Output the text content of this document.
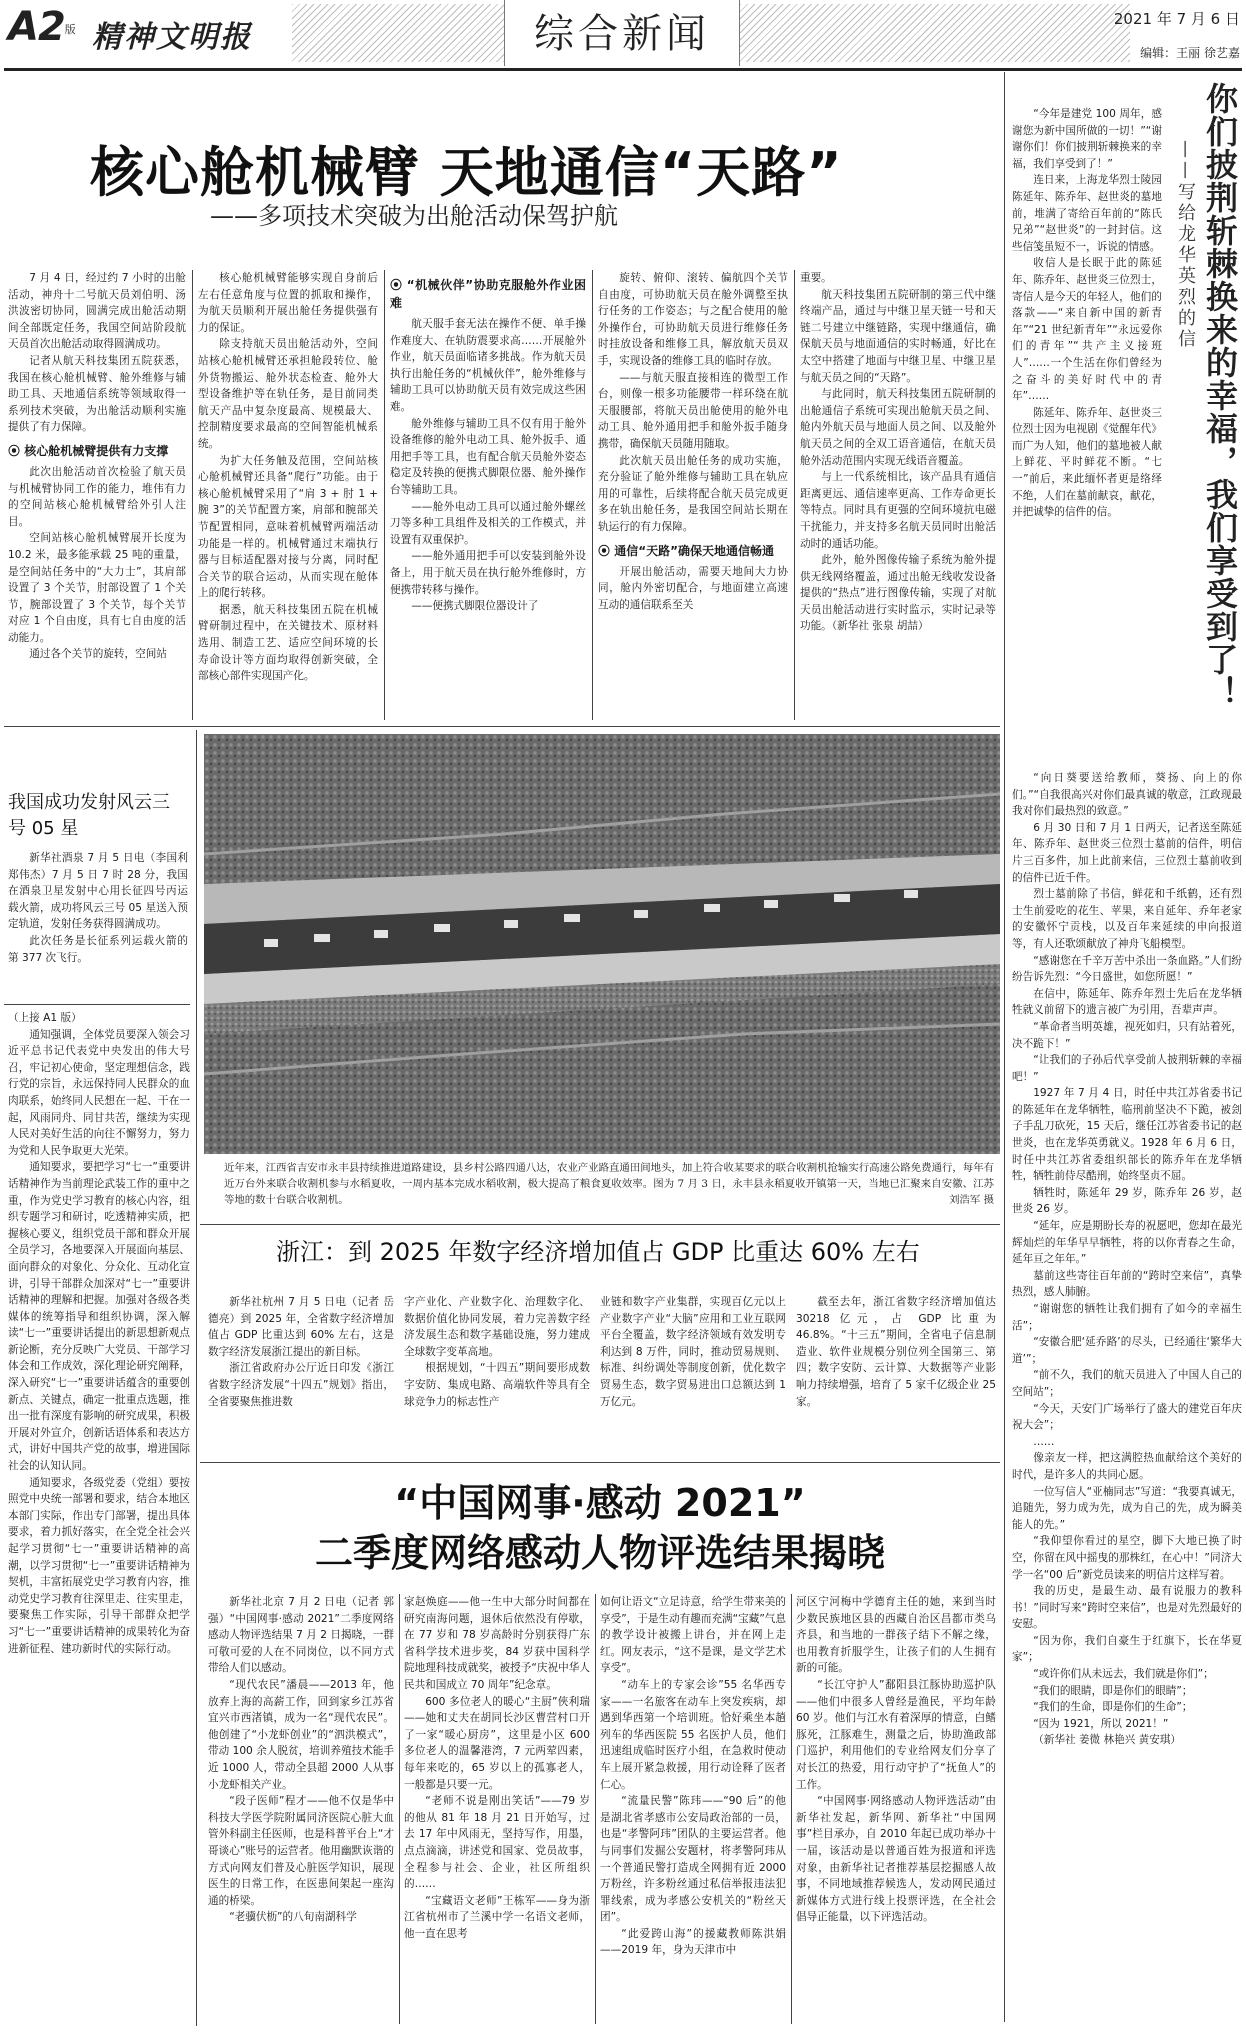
A2版 精神文明报	综合新闻	2021 年 7 月 6 日
编辑：王丽 徐艺嘉
核心舱机械臂 天地通信“天路”
——多项技术突破为出舱活动保驾护航

7 月 4 日，经过约 7 小时的出舱活动，神舟十二号航天员刘伯明、汤洪波密切协同，圆满完成出舱活动期间全部既定任务，我国空间站阶段航天员首次出舱活动取得圆满成功。

记者从航天科技集团五院获悉，我国在核心舱机械臂、舱外维修与辅助工具、天地通信系统等领域取得一系列技术突破，为出舱活动顺利实施提供了有力保障。

⦿ 核心舱机械臂提供有力支撑

此次出舱活动首次检验了航天员与机械臂协同工作的能力，堆伟有力的空间站核心舱机械臂给外引人注目。

空间站核心舱机械臂展开长度为 10.2 米，最多能承载 25 吨的重量，是空间站任务中的“大力士”，其肩部设置了 3 个关节，肘部设置了 1 个关节，腕部设置了 3 个关节，每个关节对应 1 个自由度，具有七自由度的活动能力。

通过各个关节的旋转，空间站

核心舱机械臂能够实现自身前后左右任意角度与位置的抓取和操作，为航天员顺利开展出舱任务提供强有力的保证。

除支持航天员出舱活动外，空间站核心舱机械臂还承担舱段转位、舱外货物搬运、舱外状态检查、舱外大型设备维护等在轨任务，是目前同类航天产品中复杂度最高、规模最大、控制精度要求最高的空间智能机械系统。

为扩大任务触及范围，空间站核心舱机械臂还具备“爬行”功能。由于核心舱机械臂采用了“肩 3 + 肘 1 + 腕 3”的关节配置方案，肩部和腕部关节配置相同，意味着机械臂两端活动功能是一样的。机械臂通过末端执行器与目标适配器对接与分离，同时配合关节的联合运动，从而实现在舱体上的爬行转移。

据悉，航天科技集团五院在机械臂研制过程中，在关键技术、原材料选用、制造工艺、适应空间环境的长寿命设计等方面均取得创新突破，全部核心部件实现国产化。

⦿ “机械伙伴”协助克服舱外作业困难

航天服手套无法在操作不便、单手操作难度大、在轨防震要求高……开展舱外作业，航天员面临诸多挑战。作为航天员执行出舱任务的“机械伙伴”，舱外维修与辅助工具可以协助航天员有效完成这些困难。

舱外维修与辅助工具不仅有用于舱外设备维修的舱外电动工具、舱外扳手、通用把手等工具，也有配合航天员舱外姿态稳定及转换的便携式脚限位器、舱外操作台等辅助工具。

——舱外电动工具可以通过舱外螺丝刀等多种工具组件及相关的工作模式，并设置有双重保护。

——舱外通用把手可以安装到舱外设备上，用于航天员在执行舱外维修时，方便携带转移与操作。

——便携式脚限位器设计了

旋转、俯仰、滚转、偏航四个关节自由度，可协助航天员在舱外调整至执行任务的工作姿态；与之配合使用的舱外操作台，可协助航天员进行维修任务时挂放设备和维修工具，解放航天员双手，实现设备的维修工具的临时存放。

——与航天服直接相连的微型工作台，则像一根多功能腰带一样环绕在航天服腰部，将航天员出舱使用的舱外电动工具、舱外通用把手和舱外扳手随身携带，确保航天员随用随取。

此次航天员出舱任务的成功实施，充分验证了舱外维修与辅助工具在轨应用的可靠性，后续将配合航天员完成更多在轨出舱任务，是我国空间站长期在轨运行的有力保障。

⦿ 通信“天路”确保天地通信畅通

开展出舱活动，需要天地间大力协同，舱内外密切配合，与地面建立高速互动的通信联系至关

重要。

航天科技集团五院研制的第三代中继终端产品，通过与中继卫星天链一号和天链二号建立中继链路，实现中继通信，确保航天员与地面通信的实时畅通，好比在太空中搭建了地面与中继卫星、中继卫星与航天员之间的“天路”。

与此同时，航天科技集团五院研制的出舱通信子系统可实现出舱航天员之间、舱内外航天员与地面人员之间、以及舱外航天员之间的全双工语音通信，在航天员舱外活动范围内实现无线语音覆盖。

与上一代系统相比，该产品具有通信距离更远、通信速率更高、工作寿命更长等特点。同时具有更强的空间环境抗电磁干扰能力，并支持多名航天员同时出舱活动时的通话功能。

此外，舱外图像传输子系统为舱外提供无线网络覆盖，通过出舱无线收发设备提供的“热点”进行图像传输，实现了对航天员出舱活动进行实时监示，实时记录等功能。（新华社 张泉 胡喆）	你们披荆斩棘换来的幸福，我们享受到了！
——写给龙华英烈的信

“今年是建党 100 周年，感谢您为新中国所做的一切！”“谢谢你们！你们披荆斩棘换来的幸福，我们享受到了！”

连日来，上海龙华烈士陵园陈延年、陈乔年、赵世炎的墓地前，堆满了寄给百年前的“陈氏兄弟”“赵世炎”的一封封信。这些信笺虽短不一，诉说的情感。

收信人是长眠于此的陈延年、陈乔年、赵世炎三位烈士，寄信人是今天的年轻人，他们的落款——“来自新中国的新青年”“21 世纪新青年”“永远爱你们的青年”“共产主义接班人”……一个生活在你们曾经为之奋斗的美好时代中的青年”……

陈延年、陈乔年、赵世炎三位烈士因为电视剧《觉醒年代》而广为人知，他们的墓地被人献上鲜花、平时鲜花不断。“七一”前后，来此缅怀者更是络绎不绝，人们在墓前献哀，献花，并把诚挚的信件的信。

“向日葵要送给教师，葵扬、向上的你们。”“自我很高兴对你们最真诚的敬意，江政现最我对你们最热烈的致意。”

6 月 30 日和 7 月 1 日两天，记者送至陈延年、陈乔年、赵世炎三位烈士墓前的信件，明信片三百多件，加上此前来信，三位烈士墓前收到的信件已近千件。

烈士墓前除了书信，鲜花和千纸鹤，还有烈士生前爱吃的花生、苹果，来自延年、乔年老家的安徽怀宁贡栈，以及百年来延续的申向报道等，有人还歌颂献放了神舟飞船模型。

“感谢您在千辛万苦中杀出一条血路。”人们纷纷告诉先烈：“今日盛世，如您所愿！”

在信中，陈延年、陈乔年烈士先后在龙华牺牲就义前留下的遗言被广为引用，吾辈声声。

“革命者当明英雄，视死如归，只有站着死，决不跪下！”

“让我们的子孙后代享受前人披荆斩棘的幸福吧！”

1927 年 7 月 4 日，时任中共江苏省委书记的陈延年在龙华牺牲，临刑前坚决不下跪，被刽子手乱刀砍死，15 天后，继任江苏省委书记的赵世炎，也在龙华英勇就义。1928 年 6 月 6 日，时任中共江苏省委组织部长的陈乔年在龙华牺牲，牺牲前侍尽酷刑，始终坚贞不屈。

牺牲时，陈延年 29 岁，陈乔年 26 岁，赵世炎 26 岁。

“延年，应是期盼长寿的祝愿吧，您却在最光辉灿烂的年华早早牺牲，将的以你青春之生命，延年亘之年年。”

墓前这些寄往百年前的“跨时空来信”，真挚热烈，感人肺腑。

“谢谢您的牺牲让我们拥有了如今的幸福生活”；

“安徽合肥‘延乔路’的尽头，已经通往‘繁华大道’”；

“前不久，我们的航天员进入了中国人自己的空间站”；

“今天，天安门广场举行了盛大的建党百年庆祝大会”；

……

像亲友一样，把这满腔热血献给这个美好的时代，是许多人的共同心愿。

一位写信人“亚楠同志”写道：“我要真诚无，追随先，努力成为先，成为自己的先，成为瞬美能人的先。”

“我仰望你看过的星空，脚下大地已换了时空，你留在风中摇曳的那株红，在心中！”同济大学一名“00 后”新党员读来的明信片这样写着。

我的历史，是最生动、最有说服力的教科书！”同时写来“跨时空来信”，也是对先烈最好的安慰。

“因为你，我们自豪生于红旗下，长在华夏家”；

“或许你们从未远去，我们就是你们”；

“我们的眼睛，即是你们的眼睛”；

“我们的生命，即是你们的生命”；

“因为 1921，所以 2021！”

（新华社 姜微 林艳兴 黄安琪）

我国成功发射风云三号 05 星

新华社酒泉 7 月 5 日电（李国利 郑伟杰）7 月 5 日 7 时 28 分，我国在酒泉卫星发射中心用长征四号丙运载火箭，成功将风云三号 05 星送入预定轨道，发射任务获得圆满成功。

此次任务是长征系列运载火箭的第 377 次飞行。

（上接 A1 版）

通知强调，全体党员要深入领会习近平总书记代表党中央发出的伟大号召，牢记初心使命，坚定理想信念，践行党的宗旨，永远保持同人民群众的血肉联系，始终同人民想在一起、干在一起，风雨同舟、同甘共苦，继续为实现人民对美好生活的向往不懈努力，努力为党和人民争取更大光荣。

通知要求，要把学习“七一”重要讲话精神作为当前理论武装工作的重中之重，作为党史学习教育的核心内容，组织专题学习和研讨，吃透精神实质，把握核心要义，组织党员干部和群众开展全员学习，各地要深入开展面向基层、面向群众的对象化、分众化、互动化宣讲，引导干部群众加深对“七一”重要讲话精神的理解和把握。加强对各级各类媒体的统筹指导和组织协调，深入解读“七一”重要讲话提出的新思想新观点新论断，充分反映广大党员、干部学习体会和工作成效，深化理论研究阐释，深入研究“七一”重要讲话蕴含的重要创新点、关键点，确定一批重点选题，推出一批有深度有影响的研究成果，积极开展对外宣介，创新话语体系和表达方式，讲好中国共产党的故事，增进国际社会的认知认同。

通知要求，各级党委（党组）要按照党中央统一部署和要求，结合本地区本部门实际，作出专门部署，提出具体要求，着力抓好落实，在全党全社会兴起学习贯彻“七一”重要讲话精神的高潮，以学习贯彻“七一”重要讲话精神为契机，丰富拓展党史学习教育内容，推动党史学习教育往深里走、往实里走，要聚焦工作实际，引导干部群众把学习“七一”重要讲话精神的成果转化为奋进新征程、建功新时代的实际行动。

近年来，江西省吉安市永丰县持续推进道路建设，县乡村公路四通八达，农业产业路直通田间地头，加上符合收某要求的联合收割机抢输实行高速公路免费通行，每年有近万台外来联合收割机参与水稻夏收，一周内基本完成水稻收割，极大提高了粮食夏收效率。图为 7 月 3 日，永丰县永稻夏收开镇第一天，当地已汇聚来自安徽、江苏等地的数十台联合收割机。	刘浩军 摄
浙江：到 2025 年数字经济增加值占 GDP 比重达 60% 左右

新华社杭州 7 月 5 日电（记者 岳德亮）到 2025 年，全省数字经济增加值占 GDP 比重达到 60% 左右，这是数字经济发展浙江提出的新目标。

浙江省政府办公厅近日印发《浙江省数字经济发展“十四五”规划》指出，全省要聚焦推进数

字产业化、产业数字化、治理数字化、数据价值化协同发展，着力完善数字经济发展生态和数字基础设施，努力建成全球数字变革高地。

根据规划，“十四五”期间要形成数字安防、集成电路、高端软件等具有全球竞争力的标志性产

业链和数字产业集群，实现百亿元以上产业数字产业“大脑”应用和工业互联网平台全覆盖，数字经济领域有效发明专利达到 8 万件，同时，推动贸易规则、标准、纠纷调处等制度创新，优化数字贸易生态，数字贸易进出口总额达到 1 万亿元。

截至去年，浙江省数字经济增加值达 30218 亿元，占 GDP 比重为 46.8%。“十三五”期间，全省电子信息制造业、软件业规模分别位列全国第三、第四；数字安防、云计算、大数据等产业影响力持续增强，培育了 5 家千亿级企业 25 家。

“中国网事·感动 2021”
二季度网络感动人物评选结果揭晓

新华社北京 7 月 2 日电（记者 郭强）“中国网事·感动 2021”二季度网络感动人物评选结果 7 月 2 日揭晓，一群可敬可爱的人在不同岗位，以不同方式带给人们以感动。

“现代农民”潘晨——2013 年，他放弃上海的高薪工作，回到家乡江苏省宜兴市西渚镇，成为一名“现代农民”。他创建了“小龙虾创业”的“泗洪模式”，带动 100 余人脱贫，培训养殖技术能手近 1000 人，带动全县超 2000 人从事小龙虾相关产业。

“段子医师”程才——他不仅是华中科技大学医学院附属同济医院心脏大血管外科副主任医师，也是科普平台上“才哥谈心”账号的运营者。他用幽默诙谐的方式向网友们普及心脏医学知识，展现医生的日常工作，在医患间架起一座沟通的桥梁。

“老骥伏枥”的八旬南湖科学

家赵焕庭——他一生中大部分时间都在研究南海问题，退休后依然没有停歇，在 77 岁和 78 岁高龄时分别获得广东省科学技术进步奖，84 岁获中国科学院地理科技成就奖，被授予“庆祝中华人民共和国成立 70 周年”纪念章。

600 多位老人的暖心“主厨”俠利瑞——她和丈夫在胡同长沙区曹营村口开了一家“暖心厨房”，这里是小区 600 多位老人的温馨港湾，7 元两荤四素，每年来吃的，65 岁以上的孤寡老人，一般都是只要一元。

“老师不说是刚出笑话”——79 岁的他从 81 年 18 月 21 日开始写，过去 17 年中风雨无，坚持写作，用墨，点点滴滴，讲述党和国家、党员故事，全程参与社会、企业，社区所组织的……

“宝藏语文老师”王栋军——身为浙江省杭州市了兰溪中学一名语文老师，他一直在思考

如何让语文“立足诗意，给学生带来美的享受”，于是生动有趣而充满“宝藏”气息的教学设计被搬上讲台，并在网上走红。网友表示，“这不是课，是文学艺术享受”。

“动车上的专家会诊”55 名华西专家——一名旅客在动车上突发疾病，却遇到华西第一个培训班。恰好乘坐本趟列车的华西医院 55 名医护人员，他们迅速组成临时医疗小组，在急救时使动车上展开紧急救援，用行动诠释了医者仁心。

“流量民警”陈玮——“90 后”的他是湖北省孝感市公安局政治部的一员，也是“孝警阿玮”团队的主要运营者。他与同事们发掘公安题材，将孝警阿玮从一个普通民警打造成全网拥有近 2000 万粉丝，许多粉丝通过私信举报违法犯罪线索，成为孝感公安机关的“粉丝天团”。

“此爱跨山海”的援藏教师陈洪娟——2019 年，身为天津市中

河区宁河梅中学德育主任的她，来到当时少数民族地区县的西藏自治区昌都市类乌齐县，和当地的一群孩子结下不解之缘，也用教育折服学生，让孩子们的人生拥有新的可能。

“长江守护人”鄱阳县江豚协助巡护队——他们中很多人曾经是渔民，平均年龄 60 岁。他们与江水有着深厚的情意，白鳍豚死，江豚难生，测量之后，协助渔政部门巡护，利用他们的专业给网友们分享了对长江的热爱，用行动守护了“抚鱼人”的工作。

“中国网事·网络感动人物评选活动”由新华社发起，新华网、新华社“中国网事”栏目承办，自 2010 年起已成功举办十一届，该活动是以普通百姓为报道和评选对象，由新华社记者推荐基层挖掘感人故事，不同地域推荐候选人，发动网民通过新媒体方式进行线上投票评选，在全社会倡导正能量，以下评选活动。
